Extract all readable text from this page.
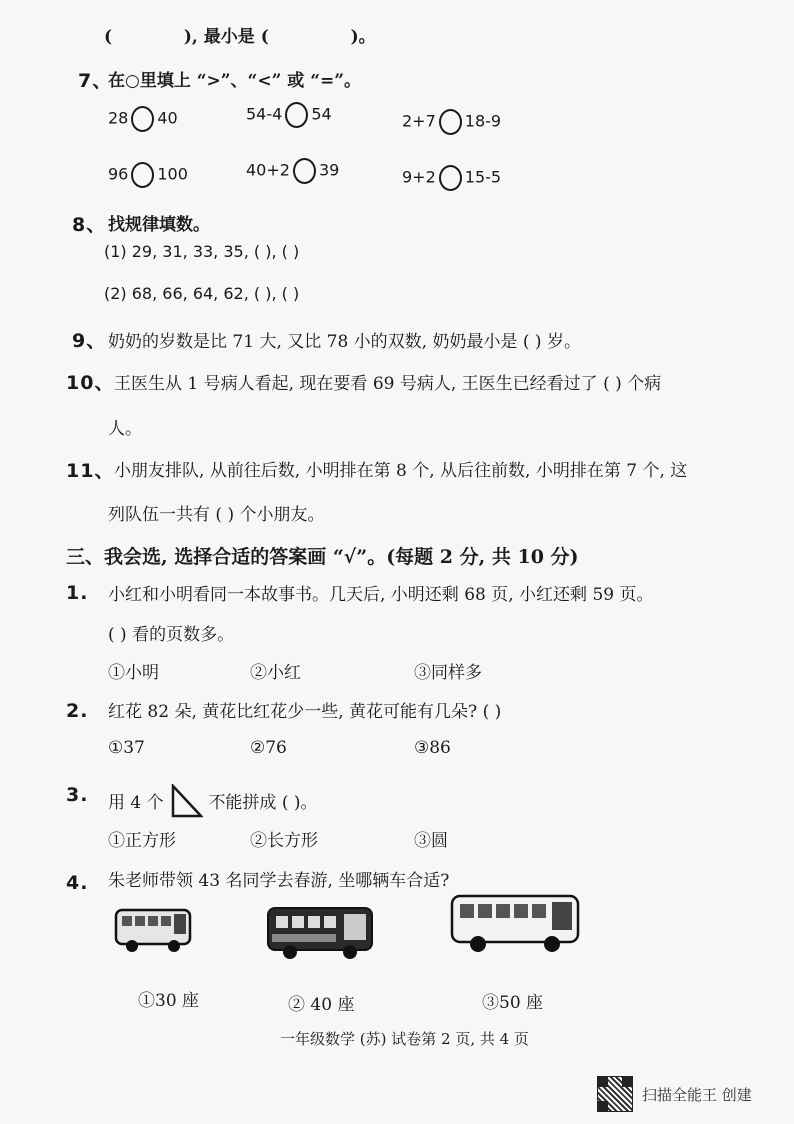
(	), 最小是 (	)。
7、
在○里填上 “>”、“<” 或 “=”。
28 40	54-4 54	2+7 18-9
96 100	40+2 39	9+2 15-5
8、 找规律填数。
(1) 29, 31, 33, 35, ( ), ( )
(2) 68, 66, 64, 62, ( ), ( )
9、 奶奶的岁数是比 71 大, 又比 78 小的双数, 奶奶最小是 ( ) 岁。
10、 王医生从 1 号病人看起, 现在要看 69 号病人, 王医生已经看过了 ( ) 个病
人。
11、 小朋友排队, 从前往后数, 小明排在第 8 个, 从后往前数, 小明排在第 7 个, 这
列队伍一共有 ( ) 个小朋友。
三、我会选, 选择合适的答案画 “√”。(每题 2 分, 共 10 分)
1. 小红和小明看同一本故事书。几天后, 小明还剩 68 页, 小红还剩 59 页。
( ) 看的页数多。
①小明	②小红	③同样多
2. 红花 82 朵, 黄花比红花少一些, 黄花可能有几朵? ( )
①37	②76	③86
3. 用 4 个	不能拼成 ( )。
①正方形	②长方形	③圆
4. 朱老师带领 43 名同学去春游, 坐哪辆车合适?
①30 座	② 40 座	③50 座
一年级数学 (苏) 试卷第 2 页, 共 4 页
扫描全能王 创建
